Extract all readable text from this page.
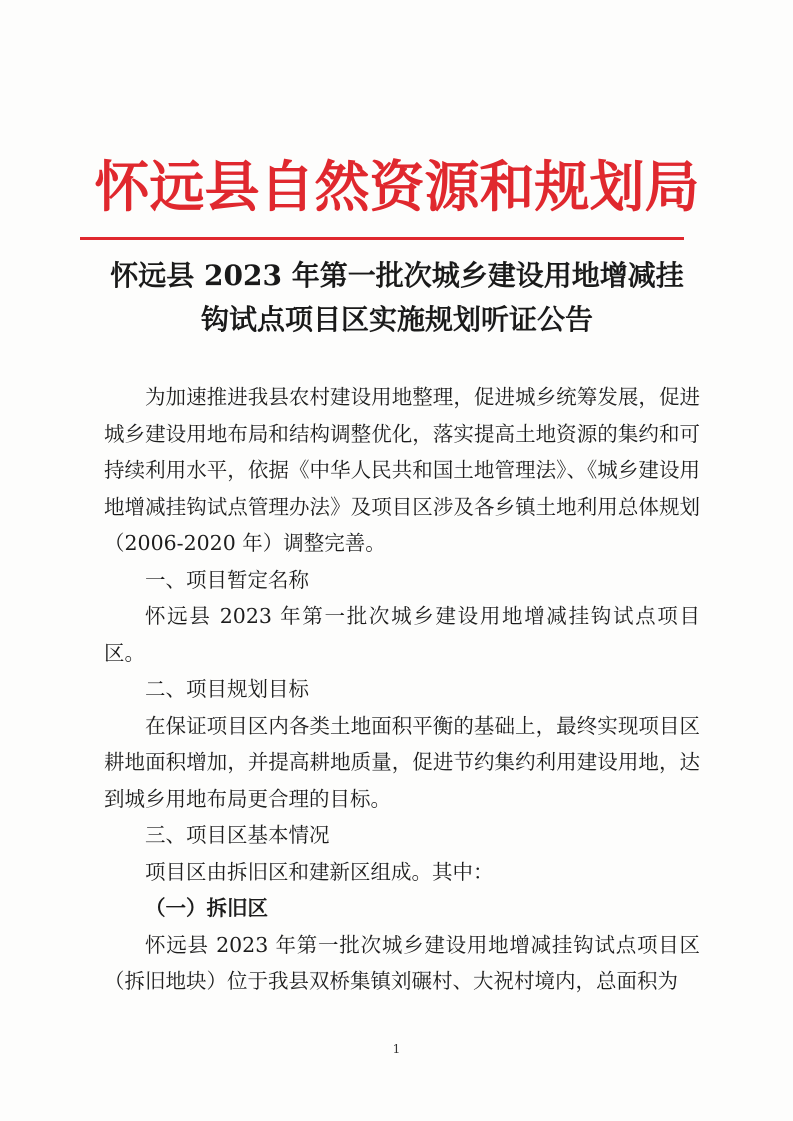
怀远县自然资源和规划局
怀远县 2023 年第一批次城乡建设用地增减挂
钩试点项目区实施规划听证公告

为加速推进我县农村建设用地整理，促进城乡统筹发展，促进城乡建设用地布局和结构调整优化，落实提高土地资源的集约和可持续利用水平，依据《中华人民共和国土地管理法》、《城乡建设用地增减挂钩试点管理办法》及项目区涉及各乡镇土地利用总体规划（2006-2020 年）调整完善。

一、项目暂定名称

怀远县 2023 年第一批次城乡建设用地增减挂钩试点项目区。

二、项目规划目标

在保证项目区内各类土地面积平衡的基础上，最终实现项目区耕地面积增加，并提高耕地质量，促进节约集约利用建设用地，达到城乡用地布局更合理的目标。

三、项目区基本情况

项目区由拆旧区和建新区组成。其中：

（一）拆旧区

怀远县 2023 年第一批次城乡建设用地增减挂钩试点项目区（拆旧地块）位于我县双桥集镇刘碾村、大祝村境内，总面积为

1
